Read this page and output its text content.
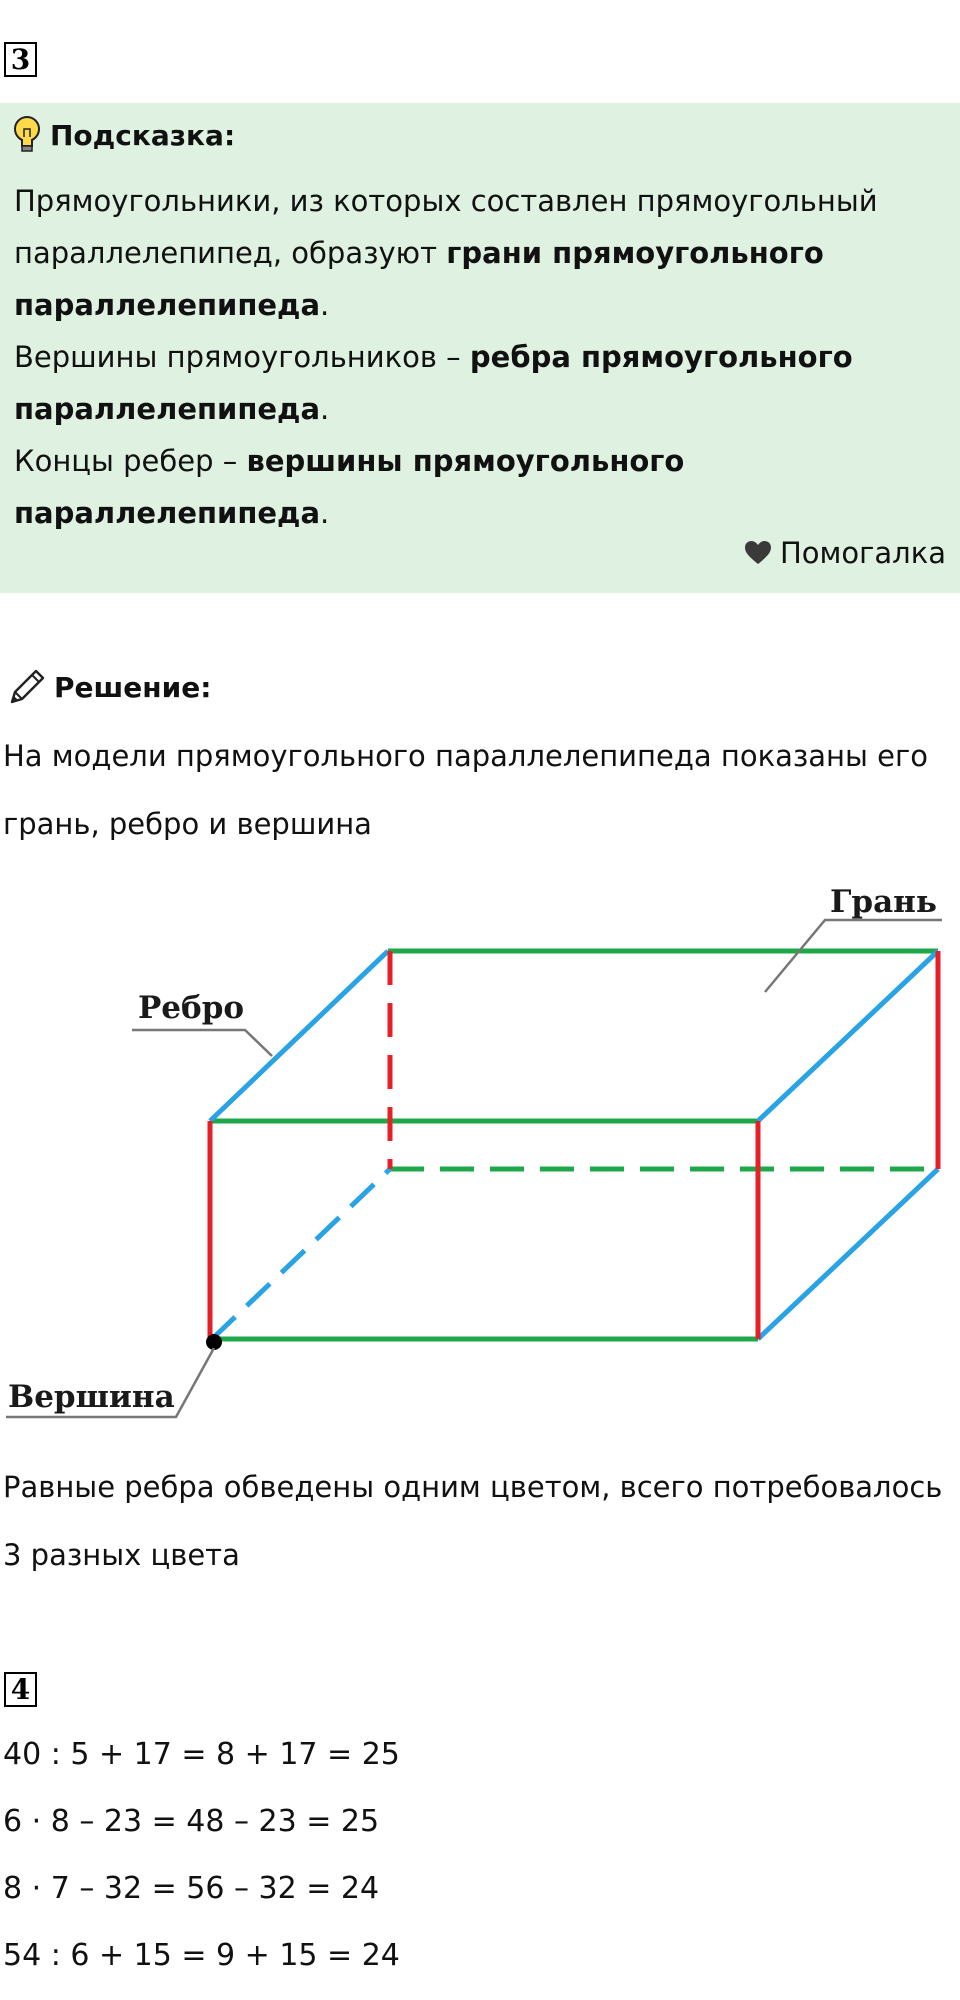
3
Подсказка:
Прямоугольники, из которых составлен прямоугольный параллелепипед, образуют грани прямоугольного параллелепипеда.
Вершины прямоугольников – ребра прямоугольного параллелепипеда.
Концы ребер – вершины прямоугольного параллелепипеда.
Помогалка
Решение:
На модели прямоугольного параллелепипеда показаны его грань, ребро и вершина
Грань
Ребро
Вершина
Равные ребра обведены одним цветом, всего потребовалось 3 разных цвета
4
40 : 5 + 17 = 8 + 17 = 25
6 · 8 – 23 = 48 – 23 = 25
8 · 7 – 32 = 56 – 32 = 24
54 : 6 + 15 = 9 + 15 = 24
